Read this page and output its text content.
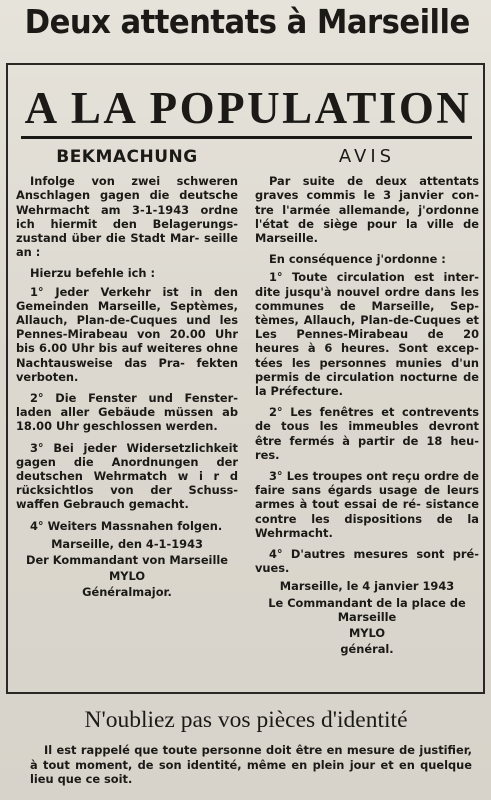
Deux attentats à Marseille
A LA POPULATION
BEKMACHUNG

Infolge von zwei schweren Anschlagen gagen die deutsche Wehrmacht am 3-1-1943 ordne ich hiermit den Belagerungs- zustand über die Stadt Mar- seille an :

Hierzu befehle ich :

1° Jeder Verkehr ist in den Gemeinden Marseille, Septèmes, Allauch, Plan-de-Cuques und les Pennes-Mirabeau von 20.00 Uhr bis 6.00 Uhr bis auf weiteres ohne Nachtausweise das Pra- fekten verboten.

2° Die Fenster und Fenster- laden aller Gebäude müssen ab 18.00 Uhr geschlossen werden.

3° Bei jeder Widersetzlichkeit gagen die Anordnungen der deutschen Wehrmatch w i r d rücksichtlos von der Schuss- waffen Gebrauch gemacht.

4° Weiters Massnahen folgen.

Marseille, den 4-1-1943

Der Kommandant von Marseille

MYLO

Généralmajor.

AVIS

Par suite de deux attentats graves commis le 3 janvier con- tre l'armée allemande, j'ordonne l'état de siège pour la ville de Marseille.

En conséquence j'ordonne :

1° Toute circulation est inter- dite jusqu'à nouvel ordre dans les communes de Marseille, Sep- tèmes, Allauch, Plan-de-Cuques et Les Pennes-Mirabeau de 20 heures à 6 heures. Sont excep- tées les personnes munies d'un permis de circulation nocturne de la Préfecture.

2° Les fenêtres et contrevents de tous les immeubles devront être fermés à partir de 18 heu- res.

3° Les troupes ont reçu ordre de faire sans égards usage de leurs armes à tout essai de ré- sistance contre les dispositions de la Wehrmacht.

4° D'autres mesures sont pré- vues.

Marseille, le 4 janvier 1943

Le Commandant de la place de Marseille

MYLO

général.

N'oubliez pas vos pièces d'identité
Il est rappelé que toute personne doit être en mesure de justifier, à tout moment, de son identité, même en plein jour et en quelque lieu que ce soit.
